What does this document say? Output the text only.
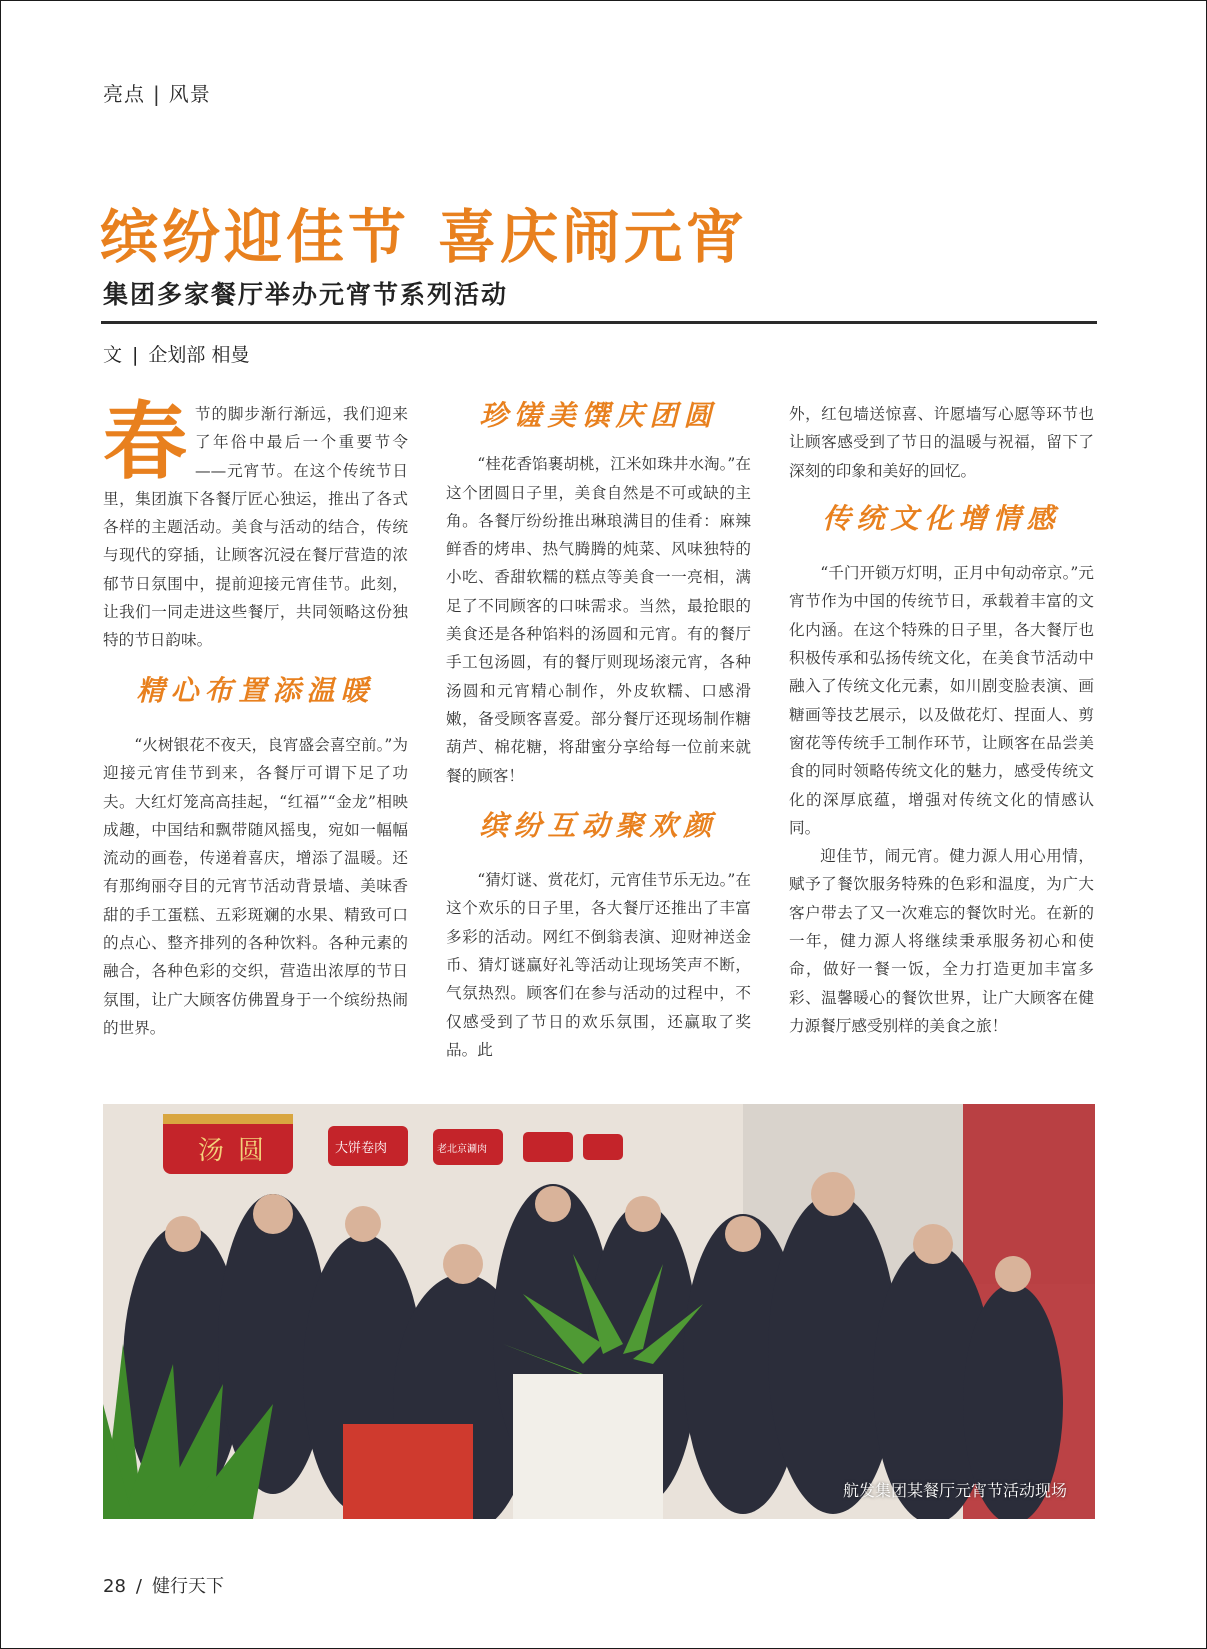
亮点 | 风景
缤纷迎佳节 喜庆闹元宵
集团多家餐厅举办元宵节系列活动
文 | 企划部 相曼

春节的脚步渐行渐远，我们迎来了年俗中最后一个重要节令——元宵节。在这个传统节日里，集团旗下各餐厅匠心独运，推出了各式各样的主题活动。美食与活动的结合，传统与现代的穿插，让顾客沉浸在餐厅营造的浓郁节日氛围中，提前迎接元宵佳节。此刻，让我们一同走进这些餐厅，共同领略这份独特的节日韵味。

精心布置添温暖

“火树银花不夜天，良宵盛会喜空前。”为迎接元宵佳节到来，各餐厅可谓下足了功夫。大红灯笼高高挂起，“红福”“金龙”相映成趣，中国结和飘带随风摇曳，宛如一幅幅流动的画卷，传递着喜庆，增添了温暖。还有那绚丽夺目的元宵节活动背景墙、美味香甜的手工蛋糕、五彩斑斓的水果、精致可口的点心、整齐排列的各种饮料。各种元素的融合，各种色彩的交织，营造出浓厚的节日氛围，让广大顾客仿佛置身于一个缤纷热闹的世界。

珍馐美馔庆团圆

“桂花香馅裹胡桃，江米如珠井水淘。”在这个团圆日子里，美食自然是不可或缺的主角。各餐厅纷纷推出琳琅满目的佳肴：麻辣鲜香的烤串、热气腾腾的炖菜、风味独特的小吃、香甜软糯的糕点等美食一一亮相，满足了不同顾客的口味需求。当然，最抢眼的美食还是各种馅料的汤圆和元宵。有的餐厅手工包汤圆，有的餐厅则现场滚元宵，各种汤圆和元宵精心制作，外皮软糯、口感滑嫩，备受顾客喜爱。部分餐厅还现场制作糖葫芦、棉花糖，将甜蜜分享给每一位前来就餐的顾客！

缤纷互动聚欢颜

“猜灯谜、赏花灯，元宵佳节乐无边。”在这个欢乐的日子里，各大餐厅还推出了丰富多彩的活动。网红不倒翁表演、迎财神送金币、猜灯谜赢好礼等活动让现场笑声不断，气氛热烈。顾客们在参与活动的过程中，不仅感受到了节日的欢乐氛围，还赢取了奖品。此

外，红包墙送惊喜、许愿墙写心愿等环节也让顾客感受到了节日的温暖与祝福，留下了深刻的印象和美好的回忆。

传统文化增情感

“千门开锁万灯明，正月中旬动帝京。”元宵节作为中国的传统节日，承载着丰富的文化内涵。在这个特殊的日子里，各大餐厅也积极传承和弘扬传统文化，在美食节活动中融入了传统文化元素，如川剧变脸表演、画糖画等技艺展示，以及做花灯、捏面人、剪窗花等传统手工制作环节，让顾客在品尝美食的同时领略传统文化的魅力，感受传统文化的深厚底蕴，增强对传统文化的情感认同。

迎佳节，闹元宵。健力源人用心用情，赋予了餐饮服务特殊的色彩和温度，为广大客户带去了又一次难忘的餐饮时光。在新的一年，健力源人将继续秉承服务初心和使命，做好一餐一饭，全力打造更加丰富多彩、温馨暖心的餐饮世界，让广大顾客在健力源餐厅感受别样的美食之旅！

汤 圆	大饼卷肉	老北京涮肉
航发集团某餐厅元宵节活动现场
28 / 健行天下
